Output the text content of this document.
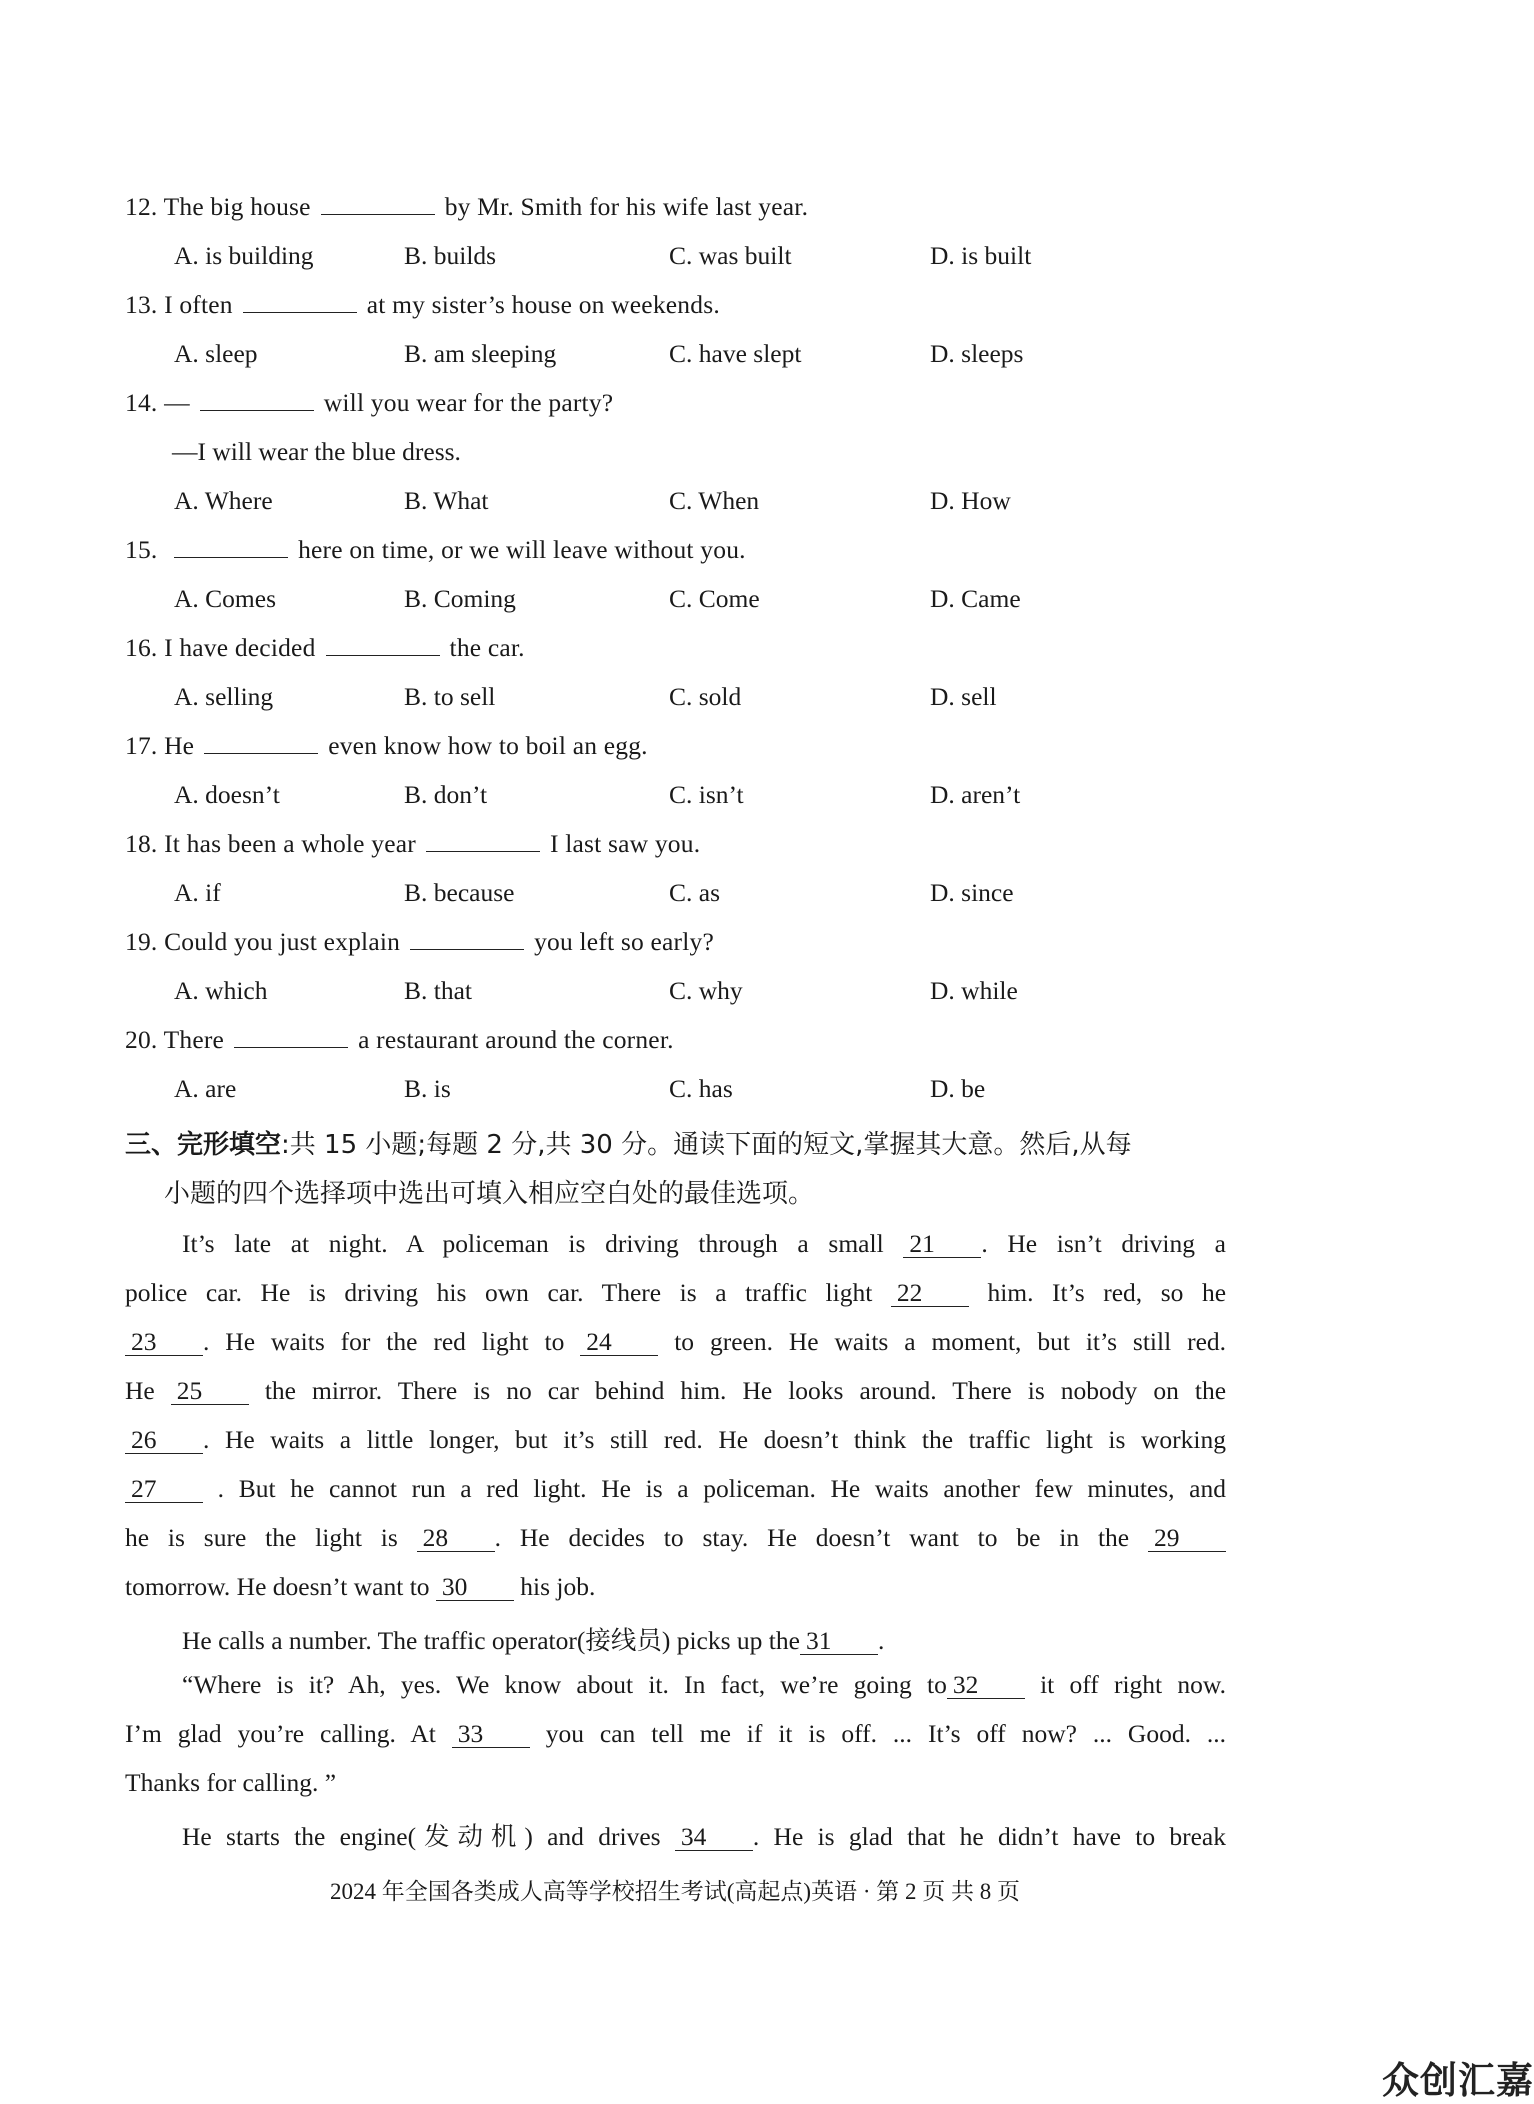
12. The big house	by Mr. Smith for his wife last year.
A. is building	B. builds	C. was built	D. is built
13. I often	at my sister’s house on weekends.
A. sleep	B. am sleeping	C. have slept	D. sleeps
14. —	will you wear for the party?
—I will wear the blue dress.
A. Where	B. What	C. When	D. How
15.	here on time, or we will leave without you.
A. Comes	B. Coming	C. Come	D. Came
16. I have decided	the car.
A. selling	B. to sell	C. sold	D. sell
17. He	even know how to boil an egg.
A. doesn’t	B. don’t	C. isn’t	D. aren’t
18. It has been a whole year	I last saw you.
A. if	B. because	C. as	D. since
19. Could you just explain	you left so early?
A. which	B. that	C. why	D. while
20. There	a restaurant around the corner.
A. are	B. is	C. has	D. be
三、完形填空:共 15 小题;每题 2 分,共 30 分。通读下面的短文,掌握其大意。然后,从每
小题的四个选择项中选出可填入相应空白处的最佳选项。
It’s late at night. A policeman is driving through a small 21 . He isn’t driving a
police car. He is driving his own car. There is a traffic light 22	him. It’s red, so he
23 . He waits for the red light to 24 to green. He waits a moment, but it’s still red.
He 25 the mirror. There is no car behind him. He looks around. There is nobody on the
26 . He waits a little longer, but it’s still red. He doesn’t think the traffic light is working
27 . But he cannot run a red light. He is a policeman. He waits another few minutes, and
he is sure the light is 28 . He decides to stay. He doesn’t want to be in the 29
tomorrow. He doesn’t want to 30 his job.
He calls a number. The traffic operator(接线员) picks up the 31 .
“Where is it? Ah, yes. We know about it. In fact, we’re going to 32 it off right now.
I’m glad you’re calling. At 33 you can tell me if it is off. ... It’s off now? ... Good. ...
Thanks for calling. ”
He starts the engine(发动机) and drives 34 . He is glad that he didn’t have to break
2024 年全国各类成人高等学校招生考试(高起点)英语 · 第 2 页 共 8 页
众创汇嘉
